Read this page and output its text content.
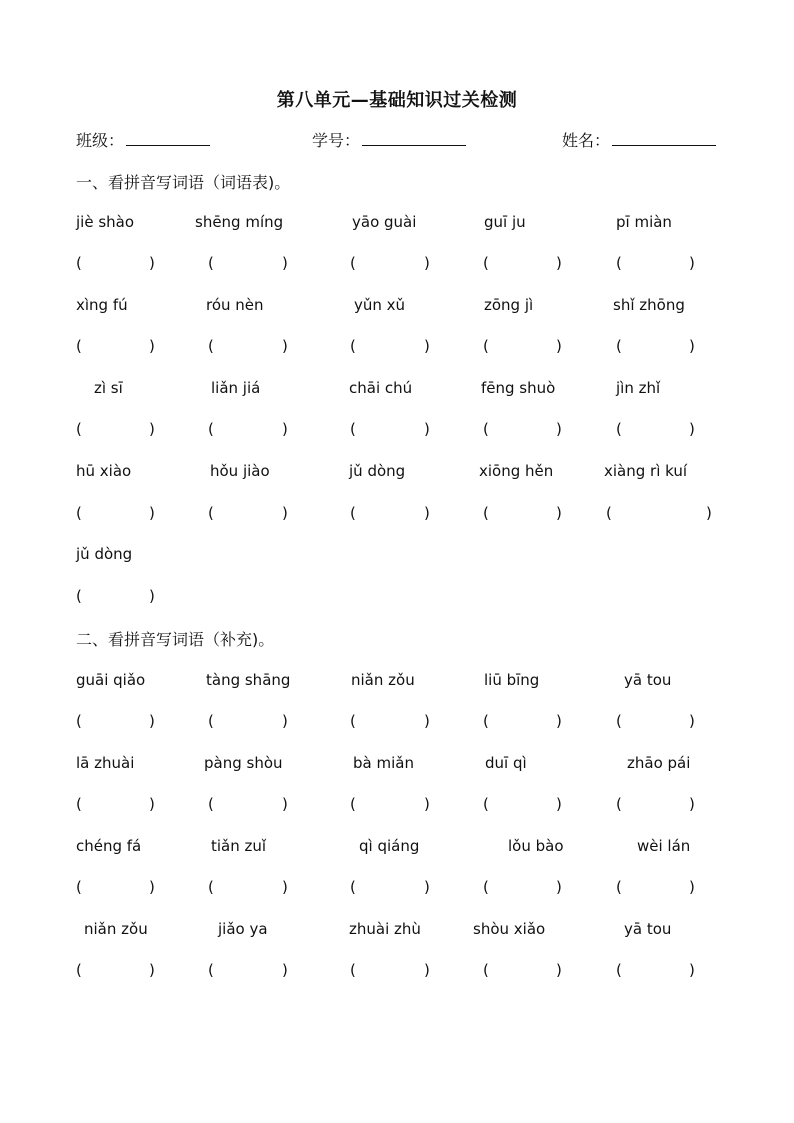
第八单元—基础知识过关检测
班级：	学号：	姓名：
一、看拼音写词语（词语表)。
jiè shào
(	)
shēng míng
(	)
yāo guài
(	)
guī ju
(	)
pī miàn
(	)
xìng fú
(	)
róu nèn
(	)
yǔn xǔ
(	)
zōng jì
(	)
shǐ zhōng
(	)
zì sī
(	)
liǎn jiá
(	)
chāi chú
(	)
fēng shuò
(	)
jìn zhǐ
(	)
hū xiào
(	)
hǒu jiào
(	)
jǔ dòng
(	)
xiōng hěn
(	)
xiàng rì kuí
(	)
jǔ dòng
(	)
二、看拼音写词语（补充)。
guāi qiǎo
(	)
tàng shāng
(	)
niǎn zǒu
(	)
liū bīng
(	)
yā tou
(	)
lā zhuài
(	)
pàng shòu
(	)
bà miǎn
(	)
duī qì
(	)
zhāo pái
(	)
chéng fá
(	)
tiǎn zuǐ
(	)
qì qiáng
(	)
lǒu bào
(	)
wèi lán
(	)
niǎn zǒu
(	)
jiǎo ya
(	)
zhuài zhù
(	)
shòu xiǎo
(	)
yā tou
(	)
